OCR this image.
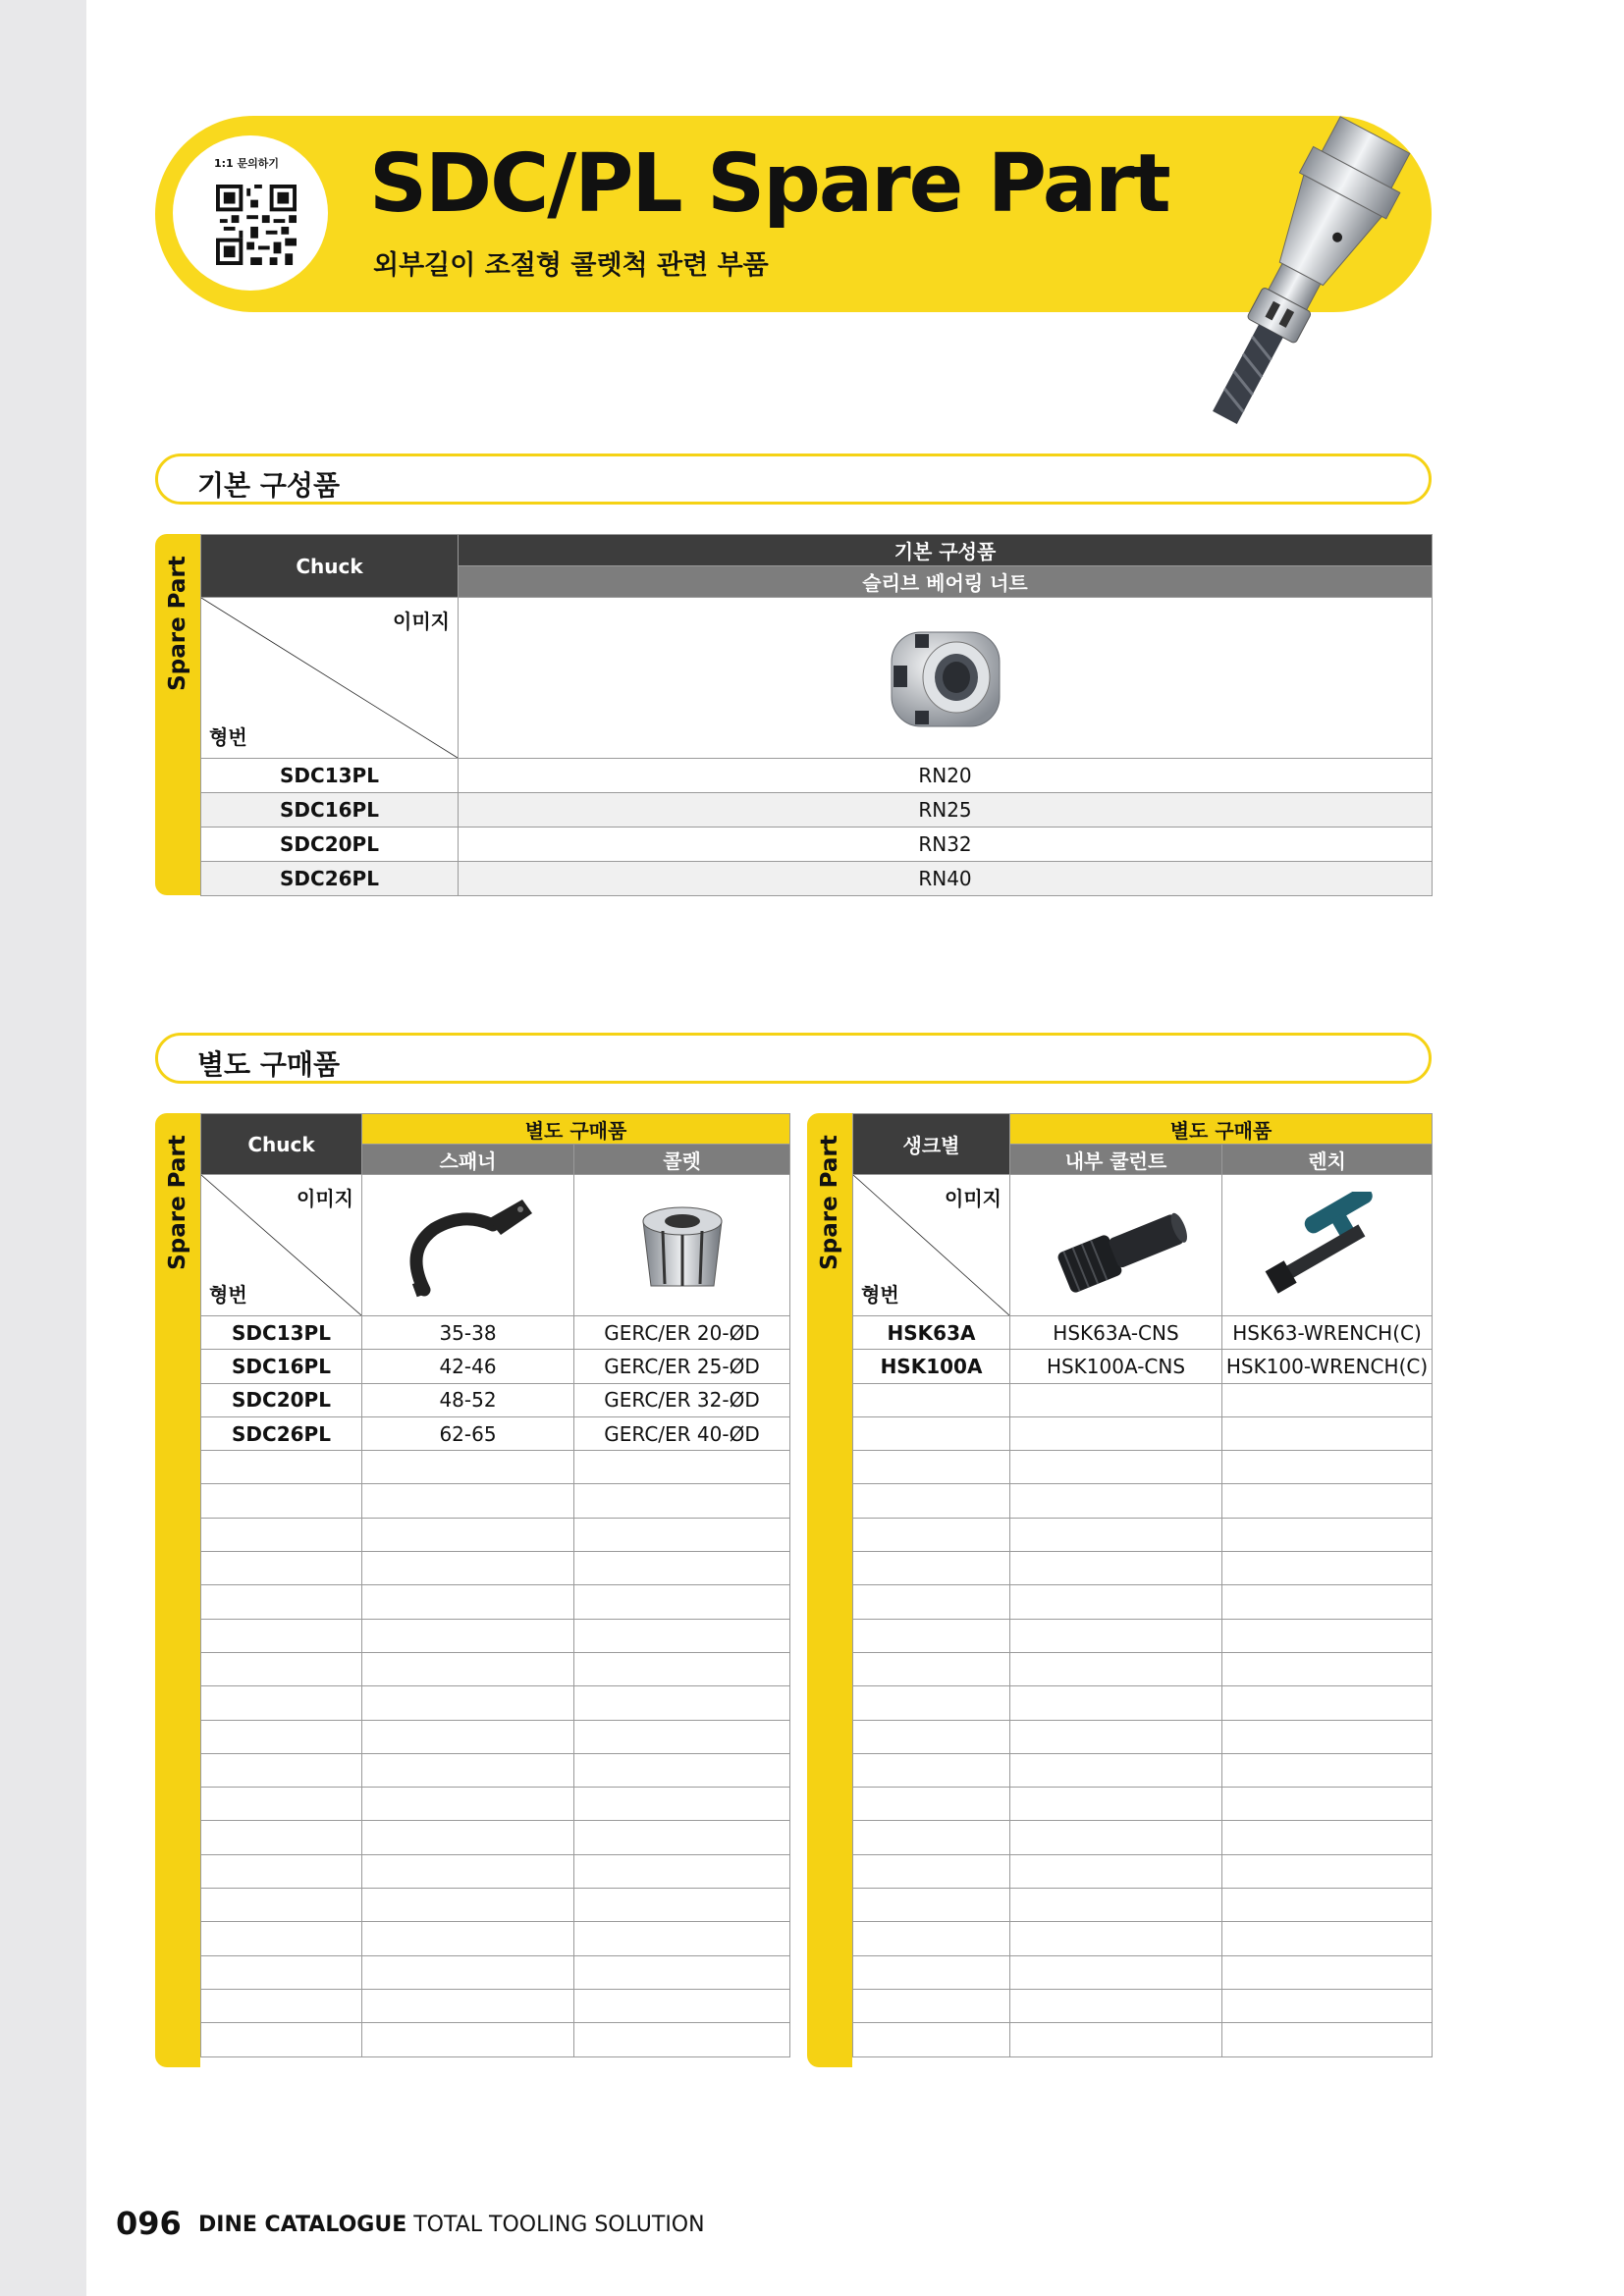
1:1 문의하기 SDC/PL Spare Part
외부길이 조절형 콜렛척 관련 부품
기본 구성품
Spare Part	Chuck	기본 구성품
	슬리브 베어링 너트

이미지
형번

SDC13PL	RN20
SDC16PL	RN25
SDC20PL	RN32
SDC26PL	RN40
별도 구매품
Spare Part	Chuck	별도 구매품	
	스패너	콜렛

이미지
형번

SDC13PL	35-38	GERC/ER 20-ØD
SDC16PL	42-46	GERC/ER 25-ØD
SDC20PL	48-52	GERC/ER 32-ØD
SDC26PL	62-65	GERC/ER 40-ØD

Spare Part	생크별	별도 구매품	
	내부 쿨런트	렌치

이미지
형번

HSK63A	HSK63A-CNS	HSK63-WRENCH(C)
HSK100A	HSK100A-CNS	HSK100-WRENCH(C)

096 DINE CATALOGUE TOTAL TOOLING SOLUTION
